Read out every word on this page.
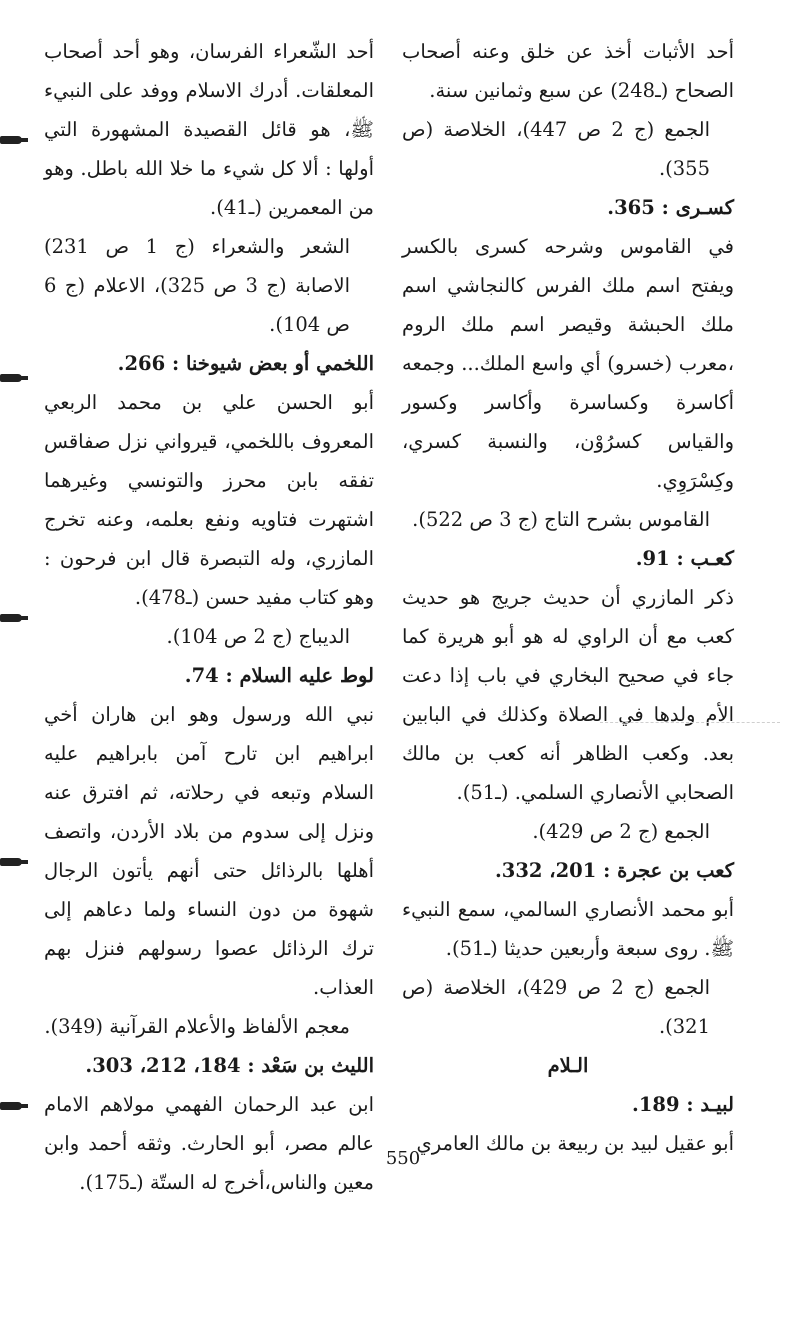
أحد الأثبات أخذ عن خلق وعنه أصحاب الصحاح (ـ248) عن سبع وثمانين سنة.

الجمع (ج 2 ص 447)، الخلاصة (ص 355).

كسـرى : 365.

في القاموس وشرحه كسرى بالكسر ويفتح اسم ملك الفرس كالنجاشي اسم ملك الحبشة وقيصر اسم ملك الروم ،معرب (خسرو) أي واسع الملك... وجمعه أكاسرة وكساسرة وأكاسر وكسور والقياس كسرُوْن، والنسبة كسري، وكِسْرَوِي.

القاموس بشرح التاج (ج 3 ص 522).

كعـب : 91.

ذكر المازري أن حديث جريج هو حديث كعب مع أن الراوي له هو أبو هريرة كما جاء في صحيح البخاري في باب إذا دعت الأم ولدها في الصلاة وكذلك في البابين بعد. وكعب الظاهر أنه كعب بن مالك الصحابي الأنصاري السلمي. (ـ51).

الجمع (ج 2 ص 429).

كعب بن عجرة : 201، 332.

أبو محمد الأنصاري السالمي، سمع النبيء ﷺ. روى سبعة وأربعين حديثا (ـ51).

الجمع (ج 2 ص 429)، الخلاصة (ص 321).

الـلام

لبيـد : 189.

أبو عقيل لبيد بن ربيعة بن مالك العامري

أحد الشّعراء الفرسان، وهو أحد أصحاب المعلقات. أدرك الاسلام ووفد على النبيء ﷺ، هو قائل القصيدة المشهورة التي أولها : ألا كل شيء ما خلا الله باطل. وهو من المعمرين (ـ41).

الشعر والشعراء (ج 1 ص 231) الاصابة (ج 3 ص 325)، الاعلام (ج 6 ص 104).

اللخمي أو بعض شيوخنا : 266.

أبو الحسن علي بن محمد الربعي المعروف باللخمي، قيرواني نزل صفاقس تفقه بابن محرز والتونسي وغيرهما اشتهرت فتاويه ونفع بعلمه، وعنه تخرج المازري، وله التبصرة قال ابن فرحون : وهو كتاب مفيد حسن (ـ478).

الديباج (ج 2 ص 104).

لوط عليه السلام : 74.

نبي الله ورسول وهو ابن هاران أخي ابراهيم ابن تارح آمن بابراهيم عليه السلام وتبعه في رحلاته، ثم افترق عنه ونزل إلى سدوم من بلاد الأردن، واتصف أهلها بالرذائل حتى أنهم يأتون الرجال شهوة من دون النساء ولما دعاهم إلى ترك الرذائل عصوا رسولهم فنزل بهم العذاب.

معجم الألفاظ والأعلام القرآنية (349).

الليث بن سَعْد : 184، 212، 303.

ابن عبد الرحمان الفهمي مولاهم الامام عالم مصر، أبو الحارث. وثقه أحمد وابن معين والناس،أخرج له الستّة (ـ175).

550
